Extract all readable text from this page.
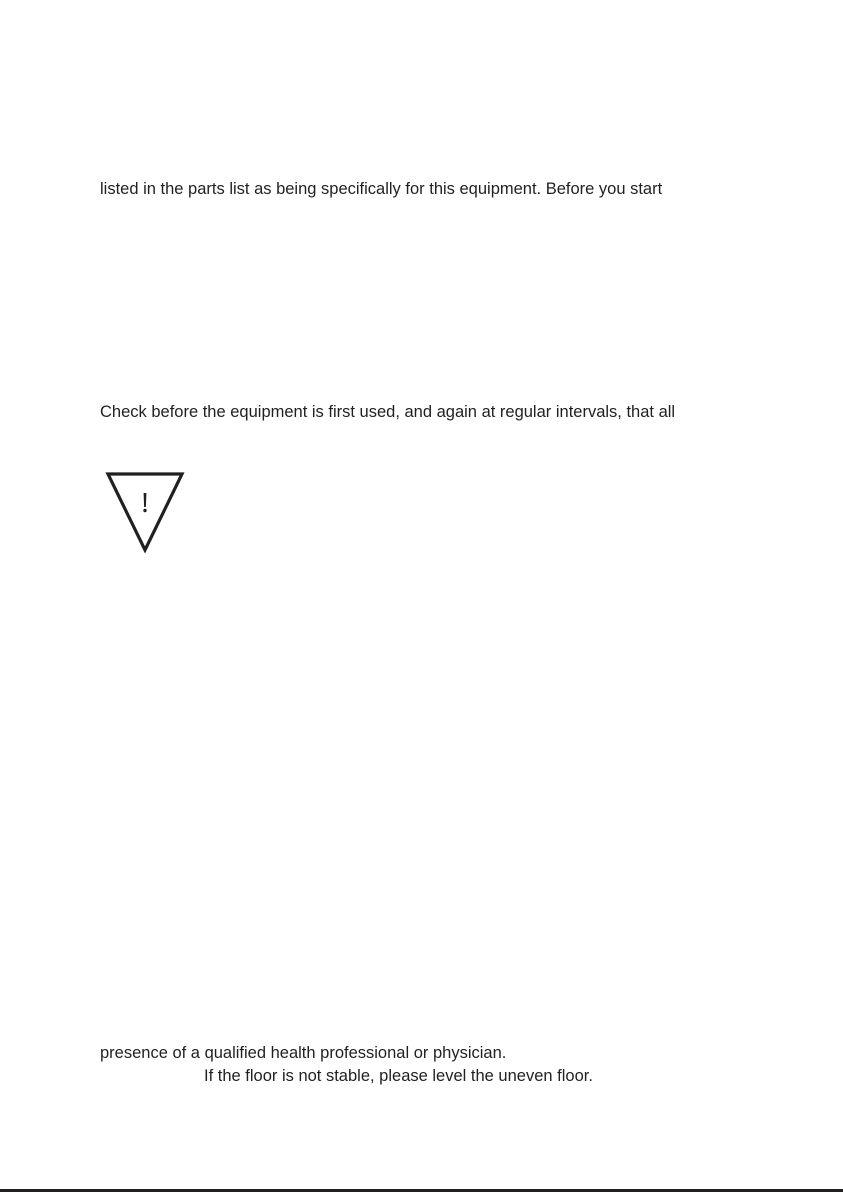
listed in the parts list as being specifically for this equipment. Before you start
Check before the equipment is first used, and again at regular intervals, that all
presence of a qualified health professional or physician.
If the floor is not stable, please level the uneven floor.
